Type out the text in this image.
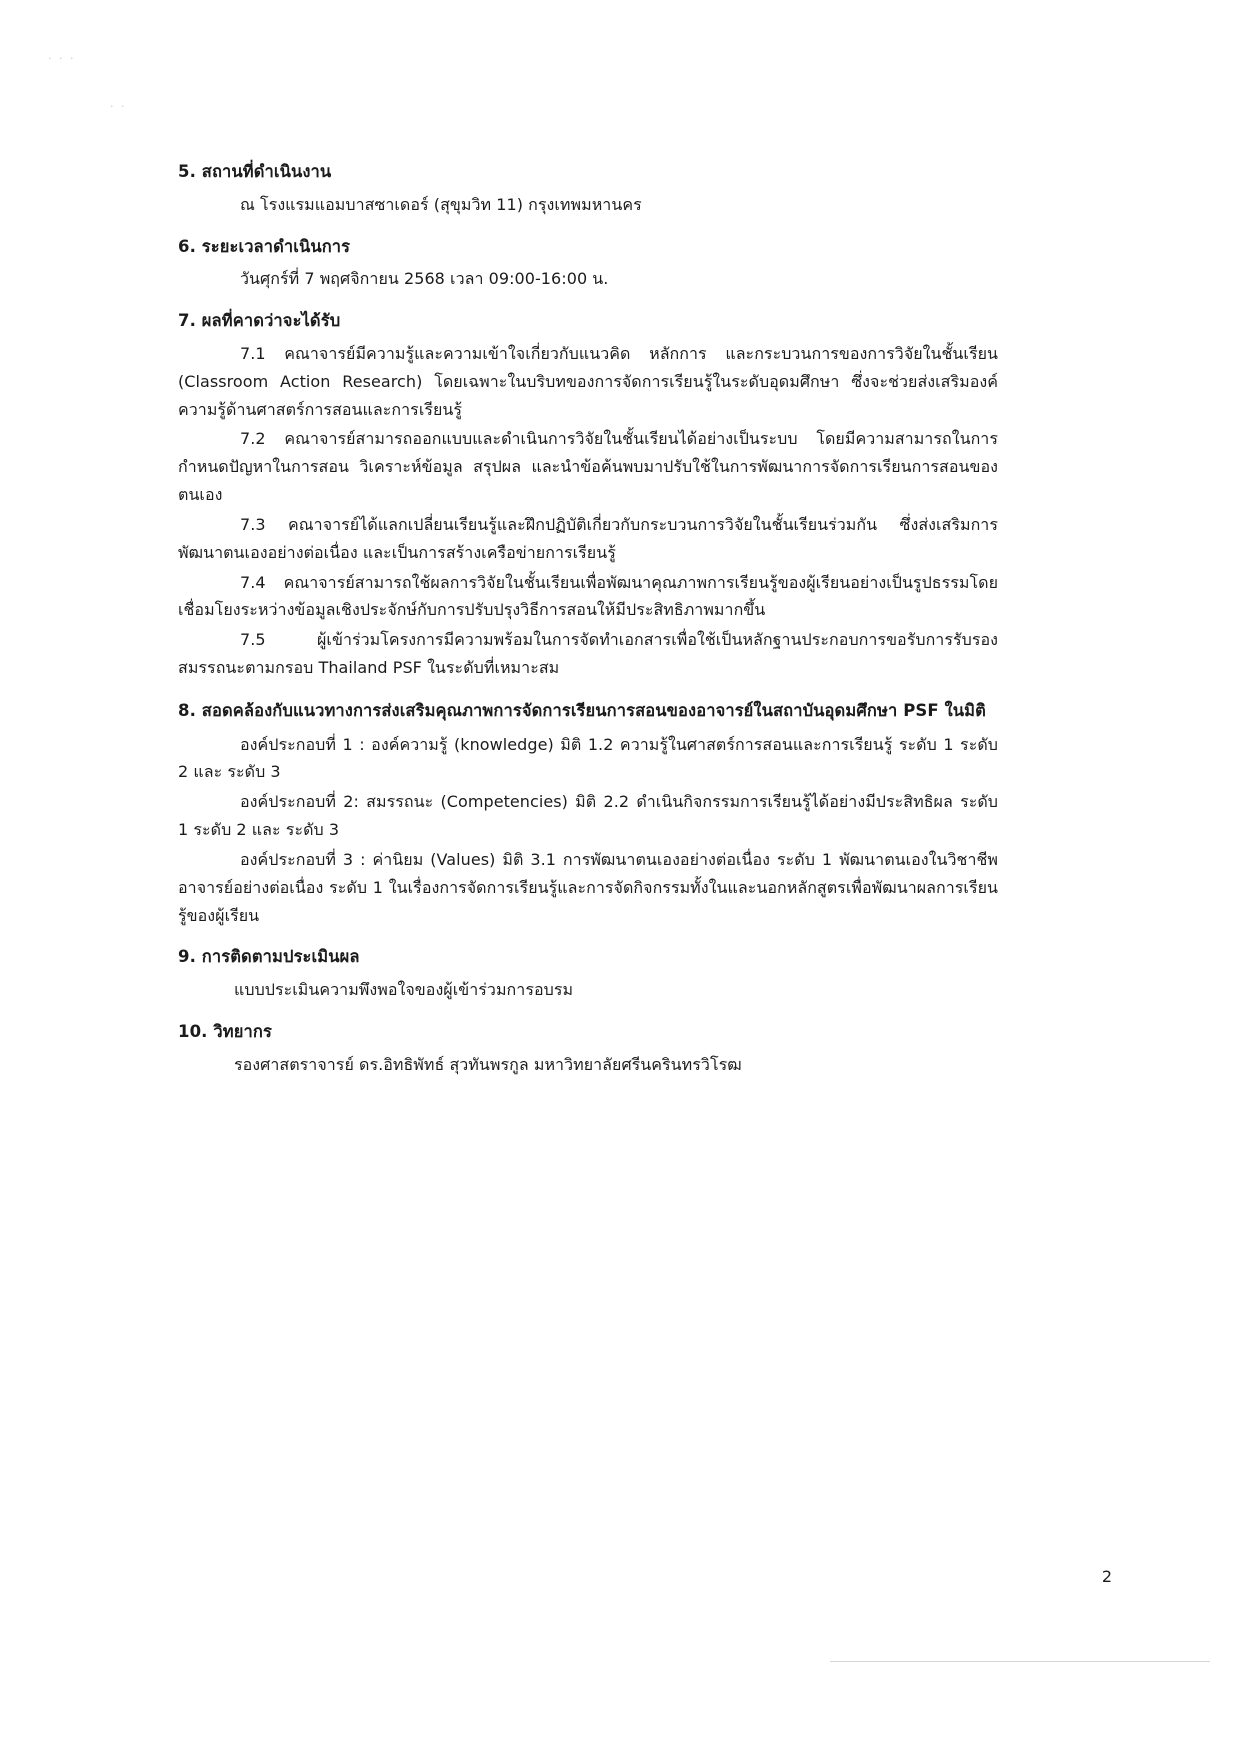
· · ·
· ·

5. สถานที่ดำเนินงาน

ณ โรงแรมแอมบาสซาเดอร์ (สุขุมวิท 11) กรุงเทพมหานคร

6. ระยะเวลาดำเนินการ

วันศุกร์ที่ 7 พฤศจิกายน 2568 เวลา 09:00-16:00 น.

7. ผลที่คาดว่าจะได้รับ

7.1 คณาจารย์มีความรู้และความเข้าใจเกี่ยวกับแนวคิด หลักการ และกระบวนการของการวิจัยในชั้นเรียน (Classroom Action Research) โดยเฉพาะในบริบทของการจัดการเรียนรู้ในระดับอุดมศึกษา ซึ่งจะช่วยส่งเสริมองค์ความรู้ด้านศาสตร์การสอนและการเรียนรู้

7.2 คณาจารย์สามารถออกแบบและดำเนินการวิจัยในชั้นเรียนได้อย่างเป็นระบบ โดยมีความสามารถในการกำหนดปัญหาในการสอน วิเคราะห์ข้อมูล สรุปผล และนำข้อค้นพบมาปรับใช้ในการพัฒนาการจัดการเรียนการสอนของตนเอง

7.3 คณาจารย์ได้แลกเปลี่ยนเรียนรู้และฝึกปฏิบัติเกี่ยวกับกระบวนการวิจัยในชั้นเรียนร่วมกัน ซึ่งส่งเสริมการพัฒนาตนเองอย่างต่อเนื่อง และเป็นการสร้างเครือข่ายการเรียนรู้

7.4 คณาจารย์สามารถใช้ผลการวิจัยในชั้นเรียนเพื่อพัฒนาคุณภาพการเรียนรู้ของผู้เรียนอย่างเป็นรูปธรรมโดยเชื่อมโยงระหว่างข้อมูลเชิงประจักษ์กับการปรับปรุงวิธีการสอนให้มีประสิทธิภาพมากขึ้น

7.5 ผู้เข้าร่วมโครงการมีความพร้อมในการจัดทำเอกสารเพื่อใช้เป็นหลักฐานประกอบการขอรับการรับรองสมรรถนะตามกรอบ Thailand PSF ในระดับที่เหมาะสม

8. สอดคล้องกับแนวทางการส่งเสริมคุณภาพการจัดการเรียนการสอนของอาจารย์ในสถาบันอุดมศึกษา PSF ในมิติ

องค์ประกอบที่ 1 : องค์ความรู้ (knowledge) มิติ 1.2 ความรู้ในศาสตร์การสอนและการเรียนรู้ ระดับ 1 ระดับ 2 และ ระดับ 3

องค์ประกอบที่ 2: สมรรถนะ (Competencies) มิติ 2.2 ดำเนินกิจกรรมการเรียนรู้ได้อย่างมีประสิทธิผล ระดับ 1 ระดับ 2 และ ระดับ 3

องค์ประกอบที่ 3 : ค่านิยม (Values) มิติ 3.1 การพัฒนาตนเองอย่างต่อเนื่อง ระดับ 1 พัฒนาตนเองในวิชาชีพอาจารย์อย่างต่อเนื่อง ระดับ 1 ในเรื่องการจัดการเรียนรู้และการจัดกิจกรรมทั้งในและนอกหลักสูตรเพื่อพัฒนาผลการเรียนรู้ของผู้เรียน

9. การติดตามประเมินผล

แบบประเมินความพึงพอใจของผู้เข้าร่วมการอบรม

10. วิทยากร

รองศาสตราจารย์ ดร.อิทธิพัทธ์ สุวทันพรกูล มหาวิทยาลัยศรีนครินทรวิโรฒ

2
